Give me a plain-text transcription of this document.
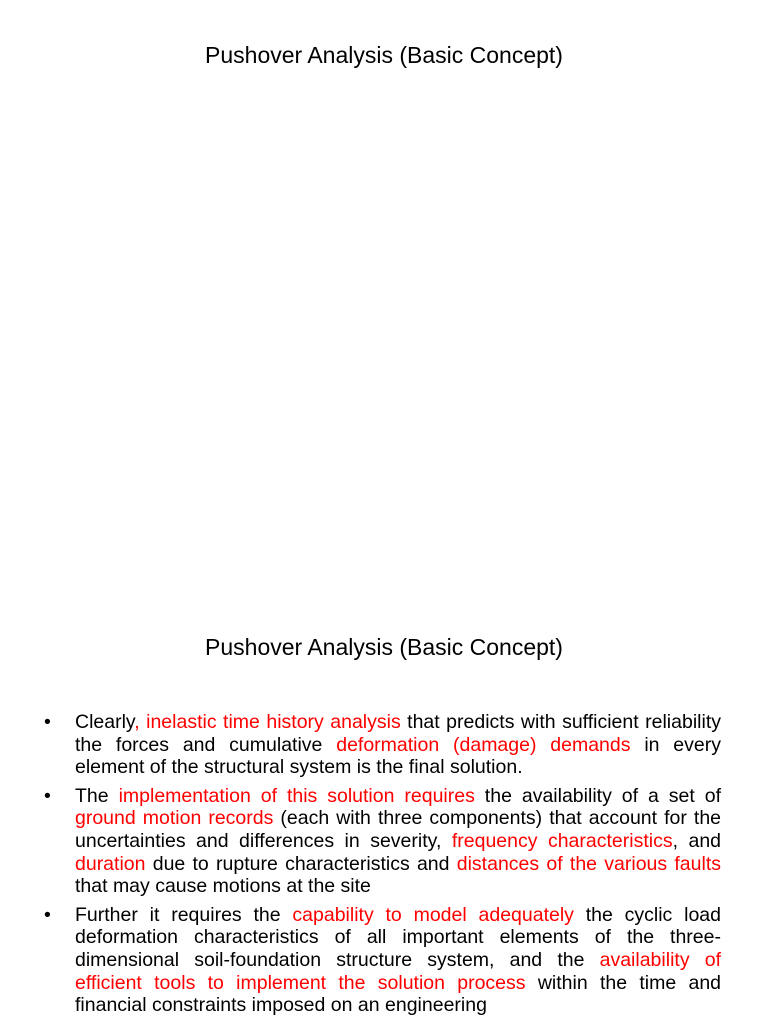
Pushover Analysis (Basic Concept)
Pushover Analysis (Basic Concept)
• Clearly, inelastic time history analysis that predicts with sufficient reliability the forces and cumulative deformation (damage) demands in every element of the structural system is the final solution.
• The implementation of this solution requires the availability of a set of ground motion records (each with three components) that account for the uncertainties and differences in severity, frequency characteristics, and duration due to rupture characteristics and distances of the various faults that may cause motions at the site
• Further it requires the capability to model adequately the cyclic load deformation characteristics of all important elements of the three-dimensional soil-foundation structure system, and the availability of efficient tools to implement the solution process within the time and financial constraints imposed on an engineering
